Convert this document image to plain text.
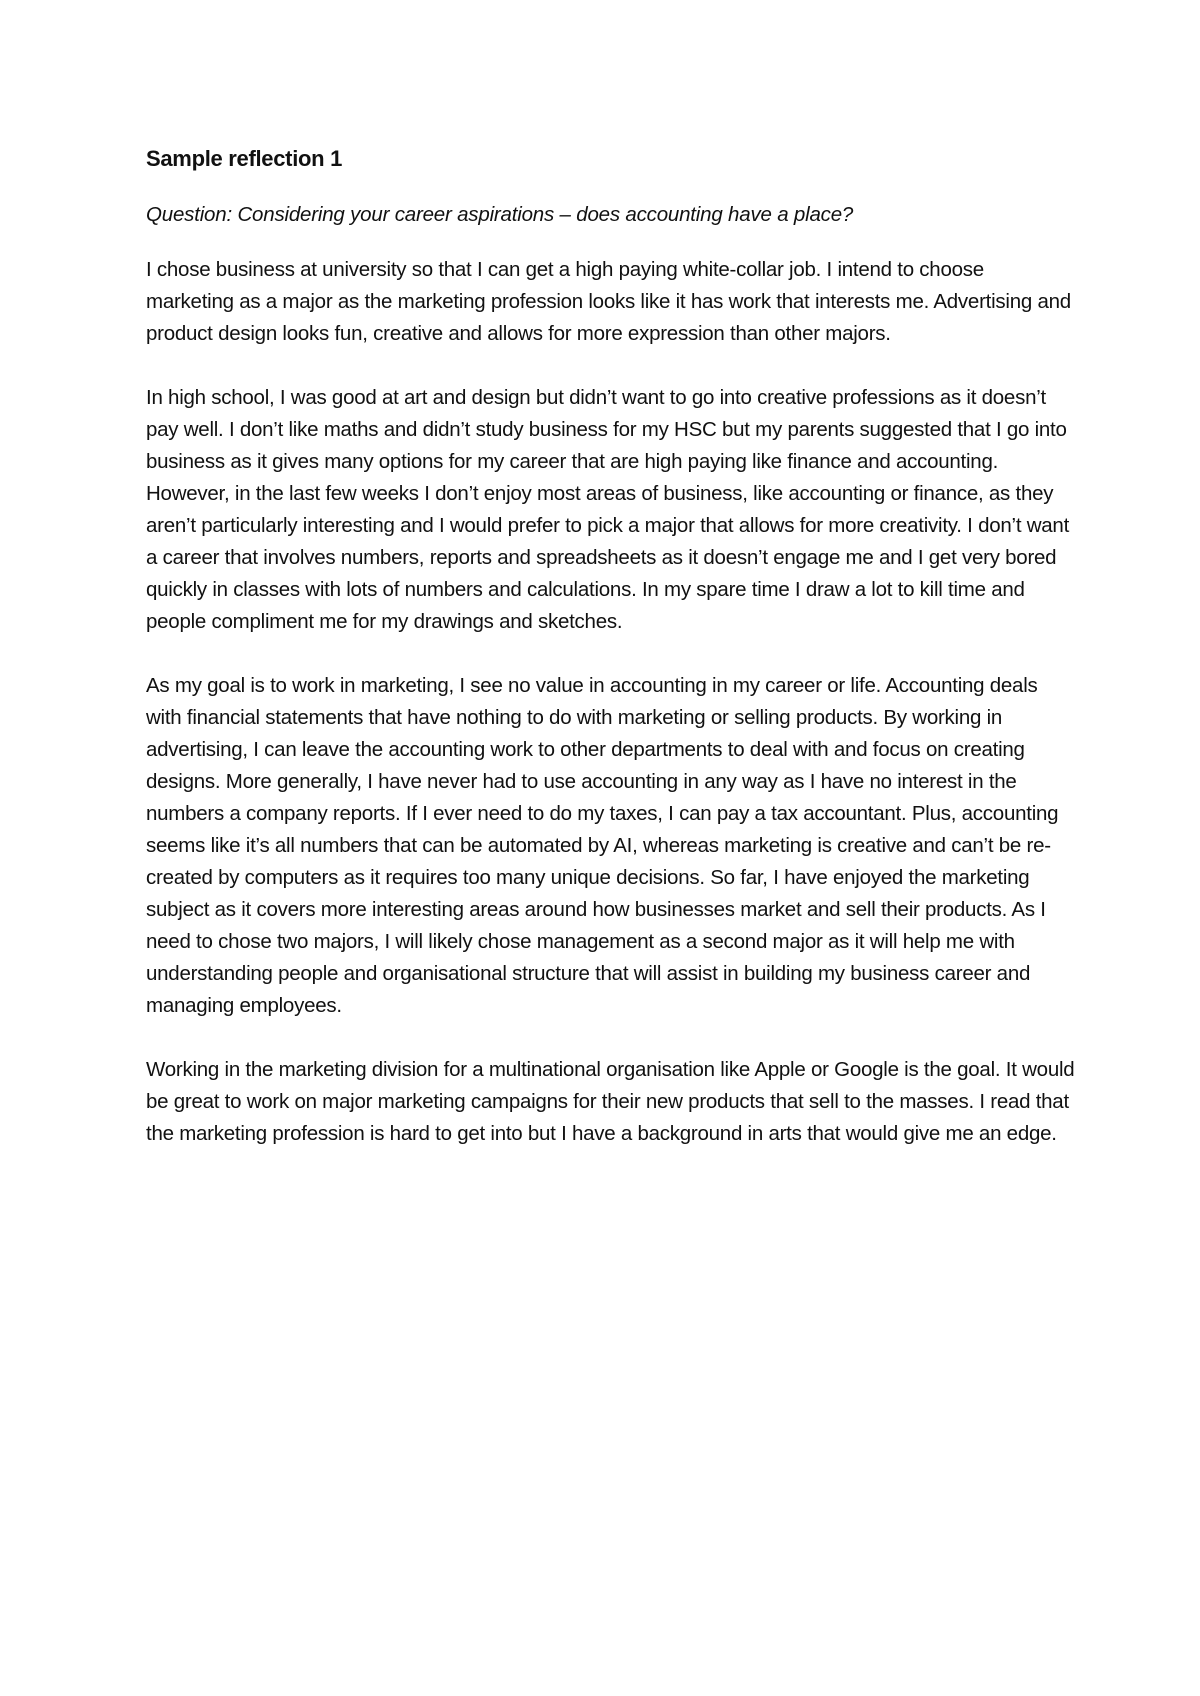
Sample reflection 1
Question: Considering your career aspirations – does accounting have a place?

I chose business at university so that I can get a high paying white-collar job. I intend to choose marketing as a major as the marketing profession looks like it has work that interests me. Advertising and product design looks fun, creative and allows for more expression than other majors.

In high school, I was good at art and design but didn’t want to go into creative professions as it doesn’t pay well. I don’t like maths and didn’t study business for my HSC but my parents suggested that I go into business as it gives many options for my career that are high paying like finance and accounting. However, in the last few weeks I don’t enjoy most areas of business, like accounting or finance, as they aren’t particularly interesting and I would prefer to pick a major that allows for more creativity. I don’t want a career that involves numbers, reports and spreadsheets as it doesn’t engage me and I get very bored quickly in classes with lots of numbers and calculations. In my spare time I draw a lot to kill time and people compliment me for my drawings and sketches.

As my goal is to work in marketing, I see no value in accounting in my career or life. Accounting deals with financial statements that have nothing to do with marketing or selling products. By working in advertising, I can leave the accounting work to other departments to deal with and focus on creating designs. More generally, I have never had to use accounting in any way as I have no interest in the numbers a company reports. If I ever need to do my taxes, I can pay a tax accountant. Plus, accounting seems like it’s all numbers that can be automated by AI, whereas marketing is creative and can’t be re-created by computers as it requires too many unique decisions. So far, I have enjoyed the marketing subject as it covers more interesting areas around how businesses market and sell their products. As I need to chose two majors, I will likely chose management as a second major as it will help me with understanding people and organisational structure that will assist in building my business career and managing employees.

Working in the marketing division for a multinational organisation like Apple or Google is the goal. It would be great to work on major marketing campaigns for their new products that sell to the masses. I read that the marketing profession is hard to get into but I have a background in arts that would give me an edge.
